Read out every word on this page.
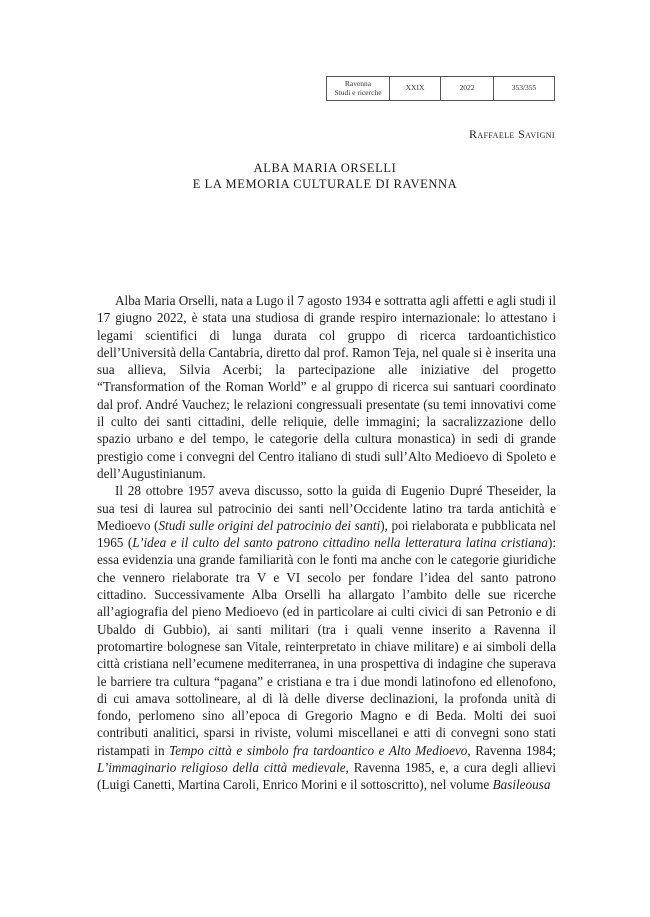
Ravenna
Studi e ricerche	XXIX	2022	353/355
Raffaele Savigni
ALBA MARIA ORSELLI
E LA MEMORIA CULTURALE DI RAVENNA

Alba Maria Orselli, nata a Lugo il 7 agosto 1934 e sottratta agli affetti e agli studi il 17 giugno 2022, è stata una studiosa di grande respiro internazionale: lo attestano i legami scientifici di lunga durata col gruppo di ricerca tardoantichistico dell’Università della Cantabria, diretto dal prof. Ramon Teja, nel quale si è inserita una sua allieva, Silvia Acerbi; la partecipazione alle iniziative del progetto “Transformation of the Roman World” e al gruppo di ricerca sui santuari coordinato dal prof. André Vauchez; le relazioni congressuali presentate (su temi innovativi come il culto dei santi cittadini, delle reliquie, delle immagini; la sacralizzazione dello spazio urbano e del tempo, le categorie della cultura monastica) in sedi di grande prestigio come i convegni del Centro italiano di studi sull’Alto Medioevo di Spoleto e dell’Augustinianum.

Il 28 ottobre 1957 aveva discusso, sotto la guida di Eugenio Dupré Theseider, la sua tesi di laurea sul patrocinio dei santi nell’Occidente latino tra tarda antichità e Medioevo (Studi sulle origini del patrocinio dei santi), poi rielaborata e pubblicata nel 1965 (L’idea e il culto del santo patrono cittadino nella letteratura latina cristiana): essa evidenzia una grande familiarità con le fonti ma anche con le categorie giuridiche che vennero rielaborate tra V e VI secolo per fondare l’idea del santo patrono cittadino. Successivamente Alba Orselli ha allargato l’ambito delle sue ricerche all’agiografia del pieno Medioevo (ed in particolare ai culti civici di san Petronio e di Ubaldo di Gubbio), ai santi militari (tra i quali venne inserito a Ravenna il protomartire bolognese san Vitale, reinterpretato in chiave militare) e ai simboli della città cristiana nell’ecumene mediterranea, in una prospettiva di indagine che superava le barriere tra cultura “pagana” e cristiana e tra i due mondi latinofono ed ellenofono, di cui amava sottolineare, al di là delle diverse declinazioni, la profonda unità di fondo, perlomeno sino all’epoca di Gregorio Magno e di Beda. Molti dei suoi contributi analitici, sparsi in riviste, volumi miscellanei e atti di convegni sono stati ristampati in Tempo città e simbolo fra tardoantico e Alto Medioevo, Ravenna 1984; L’immaginario religioso della città medievale, Ravenna 1985, e, a cura degli allievi (Luigi Canetti, Martina Caroli, Enrico Morini e il sottoscritto), nel volume Basileousa
